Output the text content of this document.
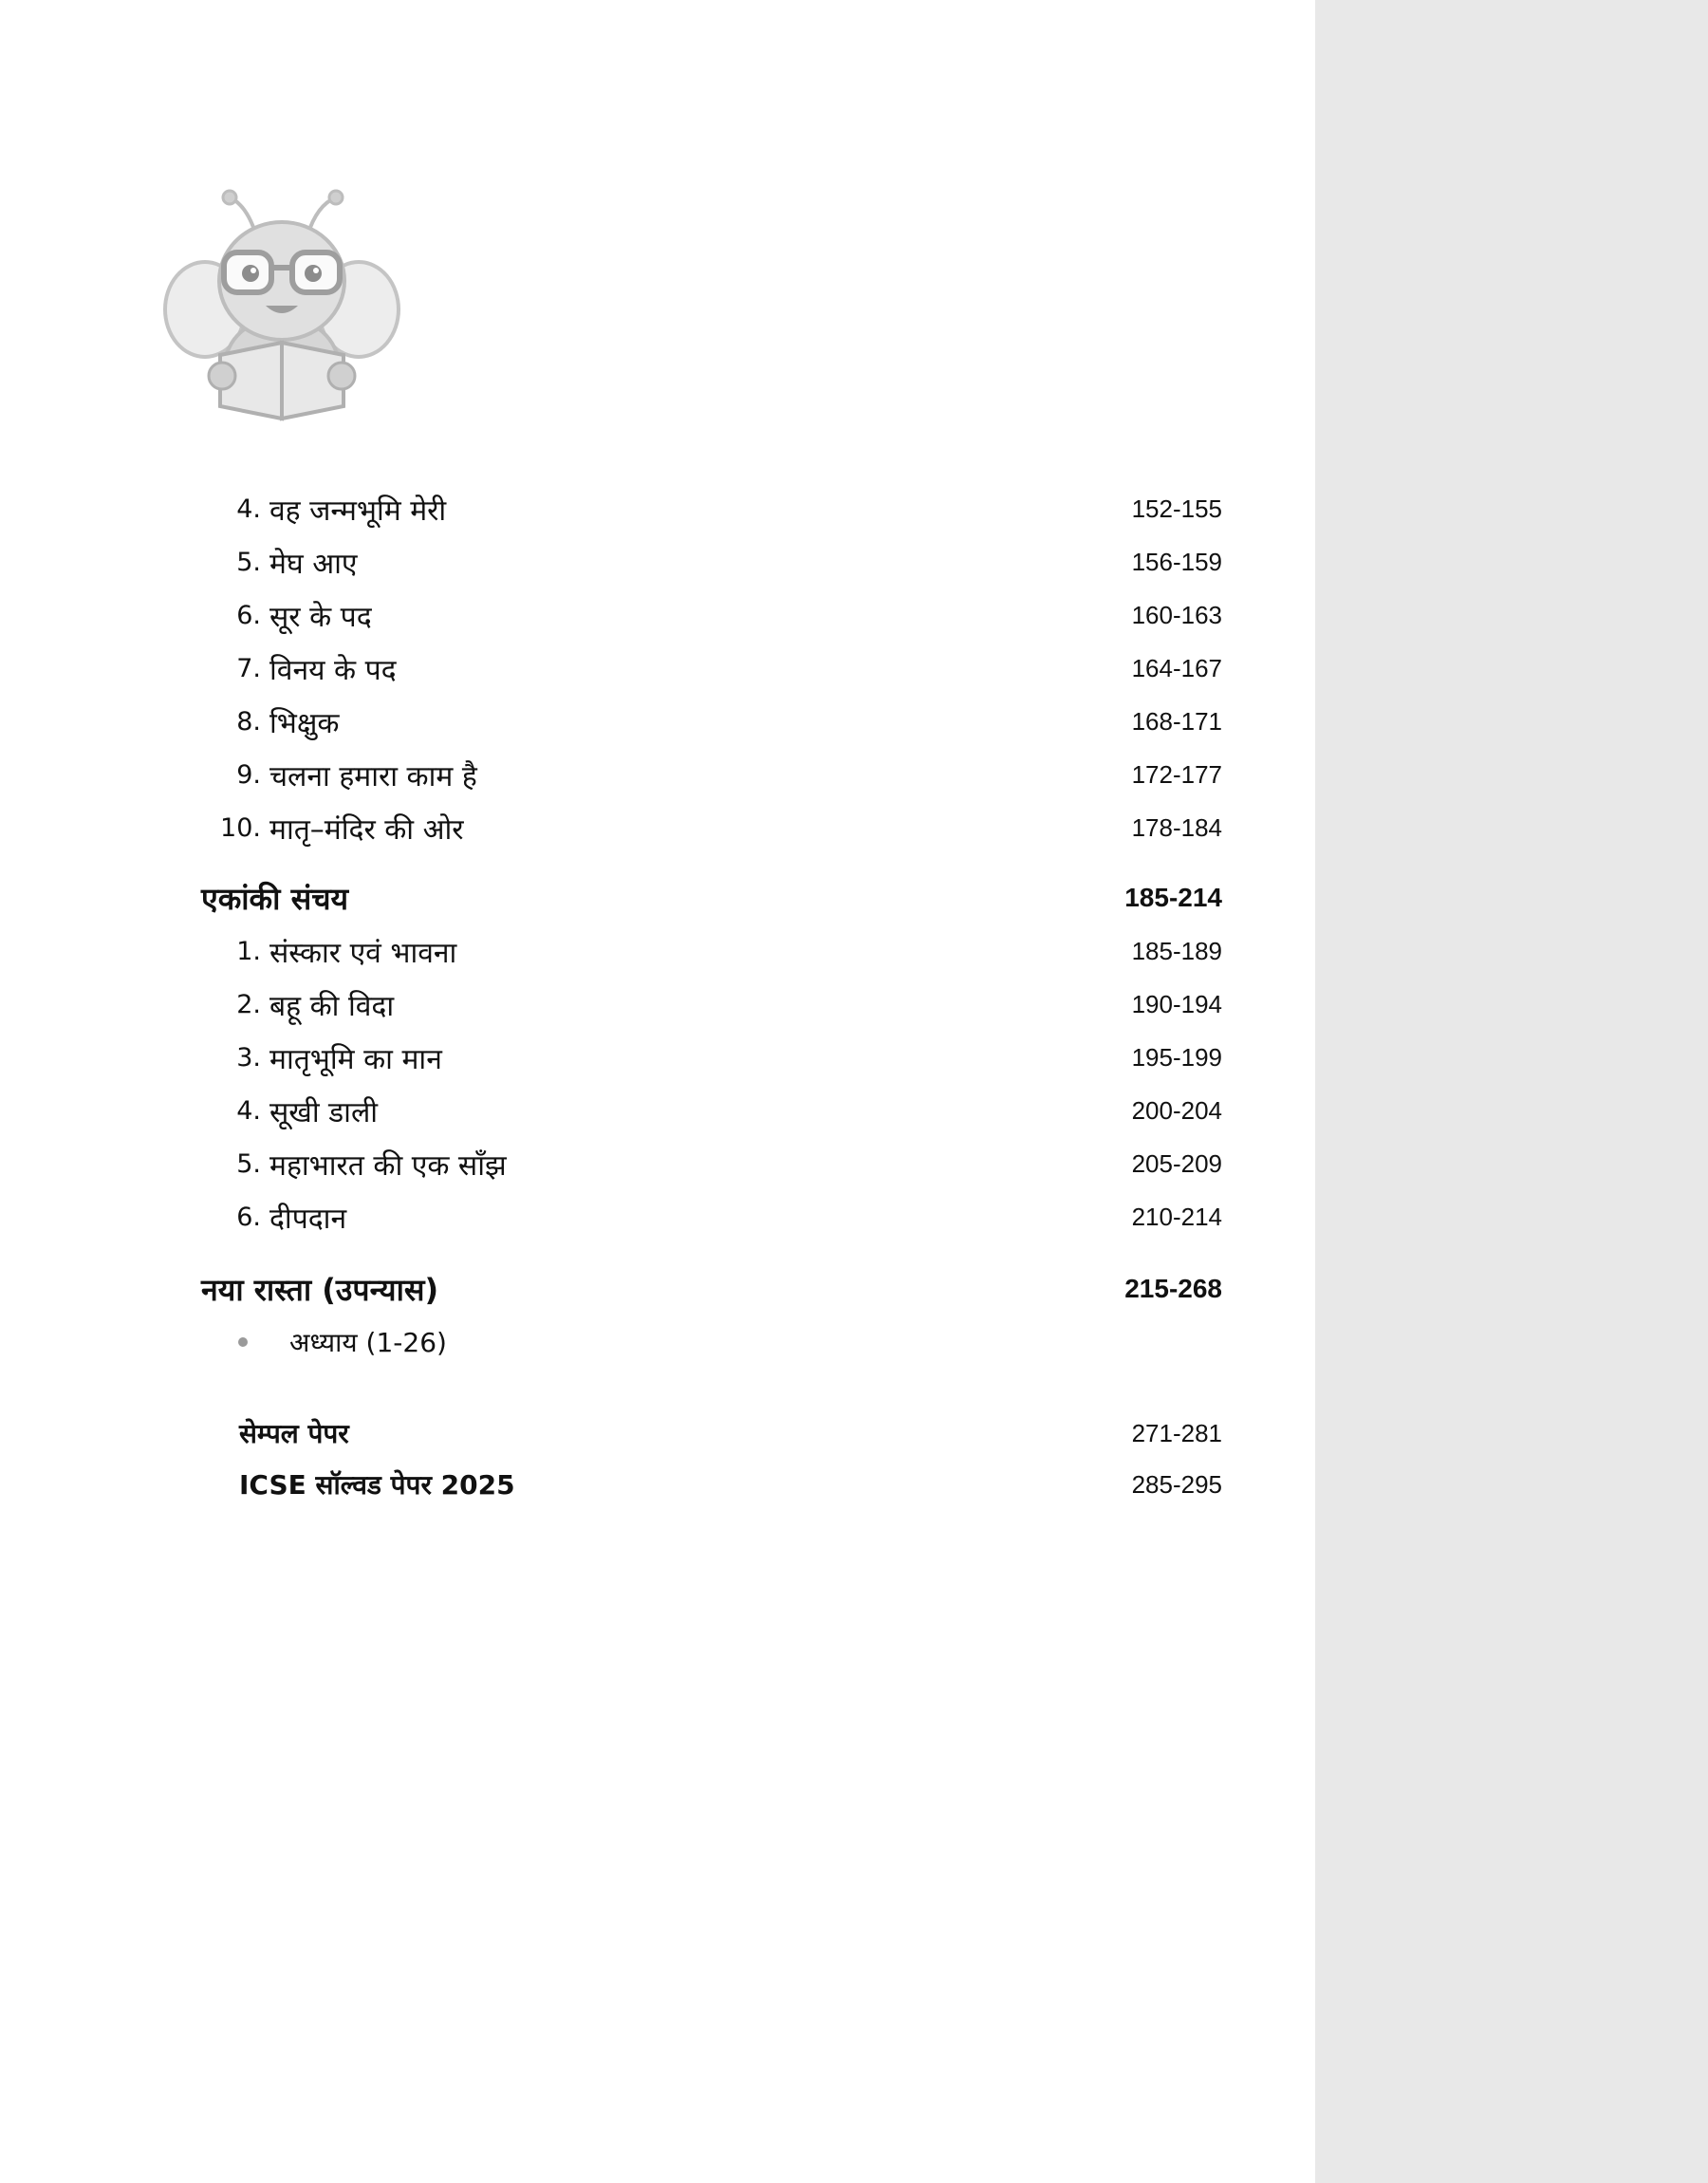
4. वह जन्मभूमि मेरी	152-155
5. मेघ आए	156-159
6. सूर के पद	160-163
7. विनय के पद	164-167
8. भिक्षुक	168-171
9. चलना हमारा काम है	172-177
10. मातृ–मंदिर की ओर	178-184
एकांकी संचय	185-214
1. संस्कार एवं भावना	185-189
2. बहू की विदा	190-194
3. मातृभूमि का मान	195-199
4. सूखी डाली	200-204
5. महाभारत की एक साँझ	205-209
6. दीपदान	210-214
नया रास्ता (उपन्यास)	215-268
अध्याय (1-26)
सेम्पल पेपर	271-281
ICSE सॉल्वड पेपर 2025	285-295
